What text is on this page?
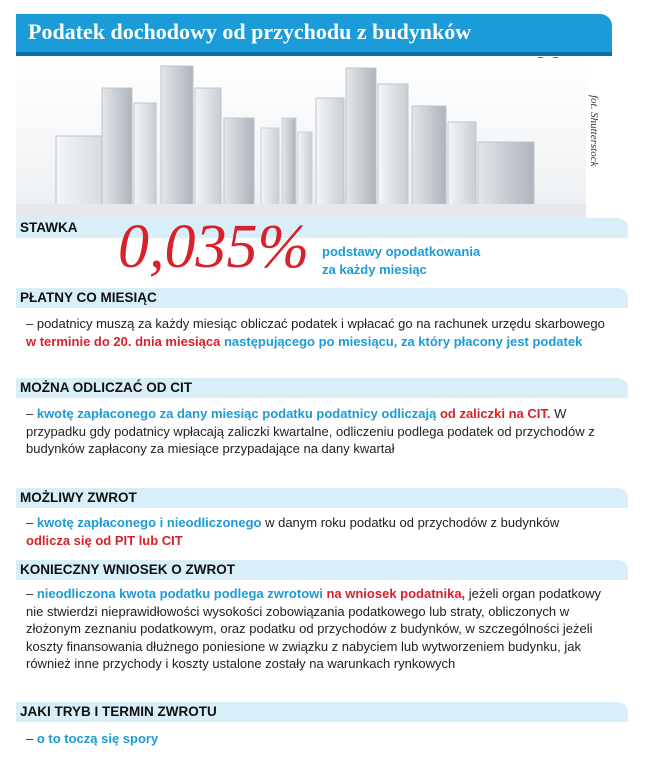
Podatek dochodowy od przychodu z budynków
fot. Shutterstock
STAWKA 0,035% podstawy opodatkowania
za każdy miesiąc
PŁATNY CO MIESIĄC
– podatnicy muszą za każdy miesiąc obliczać podatek i wpłacać go na rachunek urzędu skarbowego w terminie do 20. dnia miesiąca następującego po miesiącu, za który płacony jest podatek
MOŻNA ODLICZAĆ OD CIT
– kwotę zapłaconego za dany miesiąc podatku podatnicy odliczają od zaliczki na CIT. W przypadku gdy podatnicy wpłacają zaliczki kwartalne, odliczeniu podlega podatek od przychodów z budynków zapłacony za miesiące przypadające na dany kwartał
MOŻLIWY ZWROT
– kwotę zapłaconego i nieodliczonego w danym roku podatku od przychodów z budynków odlicza się od PIT lub CIT
KONIECZNY WNIOSEK O ZWROT
– nieodliczona kwota podatku podlega zwrotowi na wniosek podatnika, jeżeli organ podatkowy nie stwierdzi nieprawidłowości wysokości zobowiązania podatkowego lub straty, obliczonych w złożonym zeznaniu podatkowym, oraz podatku od przychodów z budynków, w szczególności jeżeli koszty finansowania dłużnego poniesione w związku z nabyciem lub wytworzeniem budynku, jak również inne przychody i koszty ustalone zostały na warunkach rynkowych
JAKI TRYB I TERMIN ZWROTU
– o to toczą się spory
